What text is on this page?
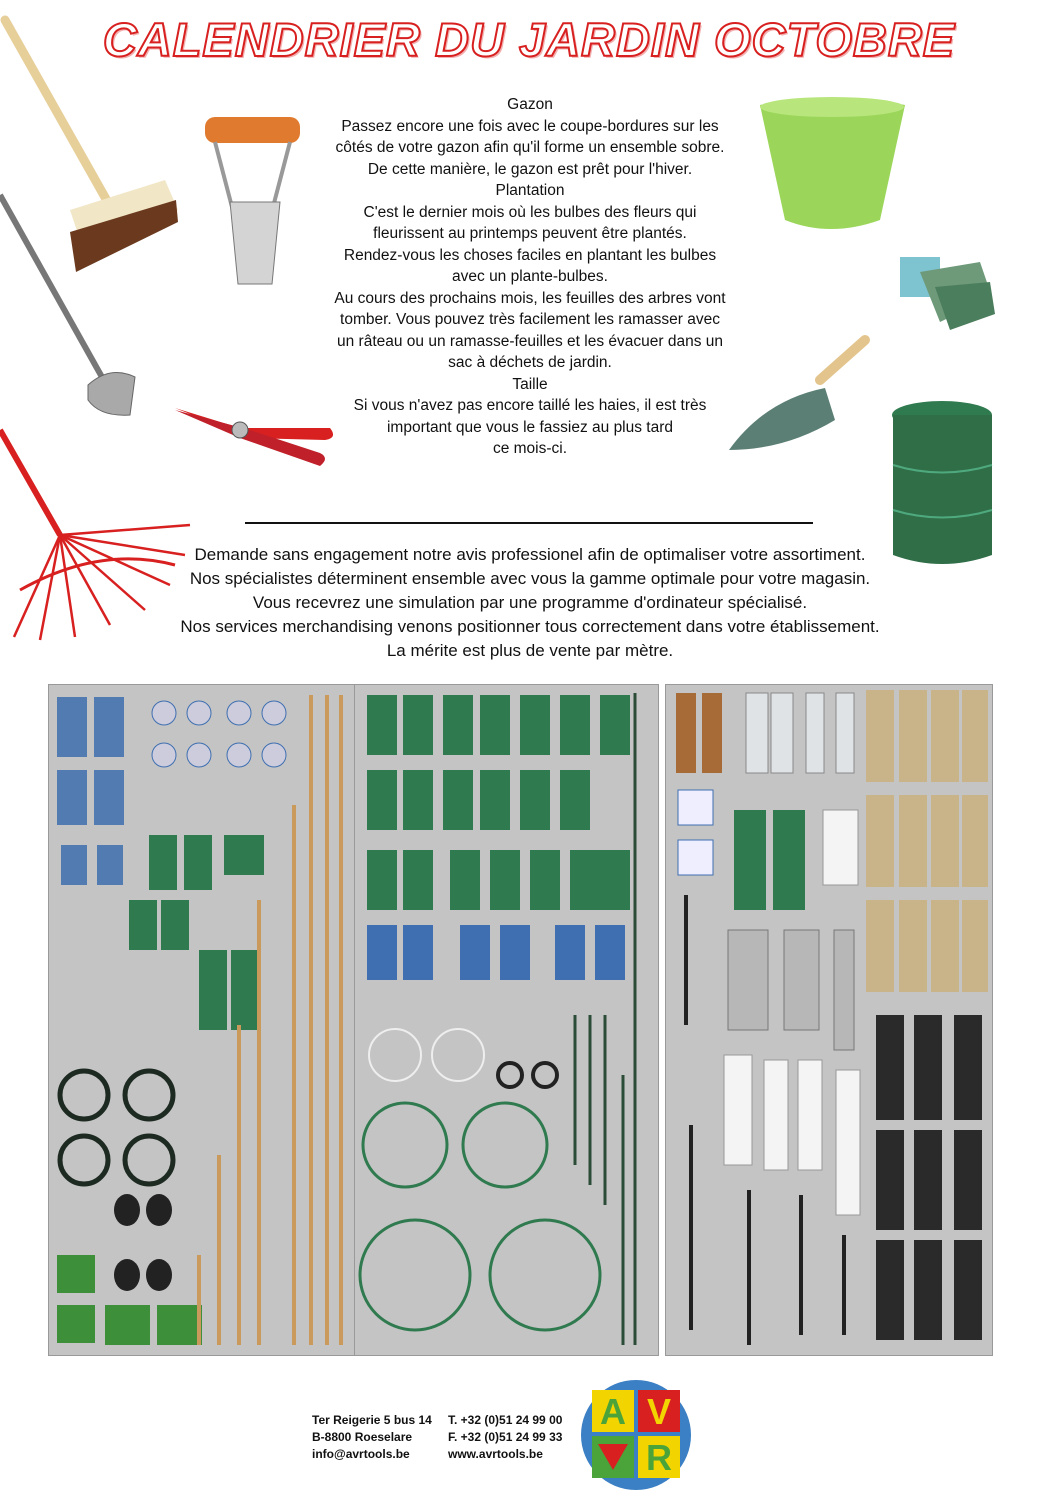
CALENDRIER DU JARDIN OCTOBRE

Gazon

Passez encore une fois avec le coupe-bordures sur les

côtés de votre gazon afin qu'il forme un ensemble sobre.

De cette manière, le gazon est prêt pour l'hiver.

Plantation

C'est le dernier mois où les bulbes des fleurs qui

fleurissent au printemps peuvent être plantés.

Rendez-vous les choses faciles en plantant les bulbes

avec un plante-bulbes.

Au cours des prochains mois, les feuilles des arbres vont

tomber. Vous pouvez très facilement les ramasser avec

un râteau ou un ramasse-feuilles et les évacuer dans un

sac à déchets de jardin.

Taille

Si vous n'avez pas encore taillé les haies, il est très

important que vous le fassiez au plus tard

ce mois-ci.

Demande sans engagement notre avis professionel afin de optimaliser votre assortiment.

Nos spécialistes déterminent ensemble avec vous la gamme optimale pour votre magasin.

Vous recevrez une simulation par une programme d'ordinateur spécialisé.

Nos services merchandising venons positionner tous correctement dans votre établissement.

La mérite est plus de vente par mètre.

Ter Reigerie 5 bus 14
B-8800 Roeselare
info@avrtools.be
T. +32 (0)51 24 99 00
F. +32 (0)51 24 99 33
www.avrtools.be
A V
R
